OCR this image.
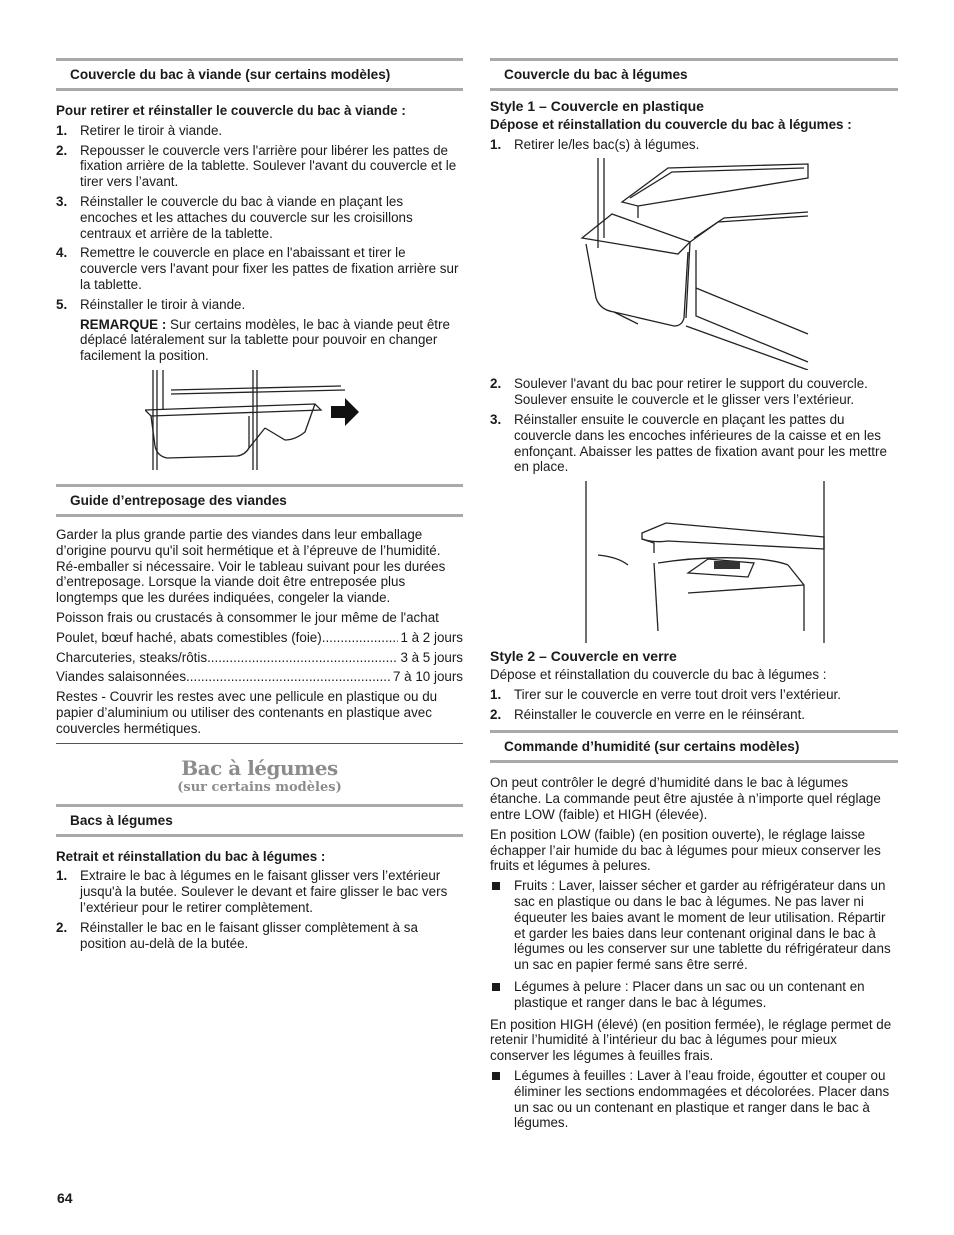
Couvercle du bac à viande (sur certains modèles)

Pour retirer et réinstaller le couvercle du bac à viande :

1. Retirer le tiroir à viande.
2. Repousser le couvercle vers l'arrière pour libérer les pattes de fixation arrière de la tablette. Soulever l'avant du couvercle et le tirer vers l’avant.
3. Réinstaller le couvercle du bac à viande en plaçant les encoches et les attaches du couvercle sur les croisillons centraux et arrière de la tablette.
4. Remettre le couvercle en place en l'abaissant et tirer le couvercle vers l'avant pour fixer les pattes de fixation arrière sur la tablette.
5. Réinstaller le tiroir à viande.
REMARQUE : Sur certains modèles, le bac à viande peut être déplacé latéralement sur la tablette pour pouvoir en changer facilement la position.
Guide d’entreposage des viandes

Garder la plus grande partie des viandes dans leur emballage d’origine pourvu qu'il soit hermétique et à l’épreuve de l’humidité. Ré-emballer si nécessaire. Voir le tableau suivant pour les durées d’entreposage. Lorsque la viande doit être entreposée plus longtemps que les durées indiquées, congeler la viande.

Poisson frais ou crustacés à consommer le jour même de l'achat

Poulet, bœuf haché, abats comestibles (foie) .....	1 à 2 jours
Charcuteries, steaks/rôtis .....	3 à 5 jours
Viandes salaisonnées .....	7 à 10 jours

Restes - Couvrir les restes avec une pellicule en plastique ou du papier d’aluminium ou utiliser des contenants en plastique avec couvercles hermétiques.

Bac à légumes
(sur certains modèles)
Bacs à légumes

Retrait et réinstallation du bac à légumes :

1. Extraire le bac à légumes en le faisant glisser vers l’extérieur jusqu'à la butée. Soulever le devant et faire glisser le bac vers l’extérieur pour le retirer complètement.
2. Réinstaller le bac en le faisant glisser complètement à sa position au-delà de la butée.
Couvercle du bac à légumes

Style 1 – Couvercle en plastique

Dépose et réinstallation du couvercle du bac à légumes :

1. Retirer le/les bac(s) à légumes.
2. Soulever l'avant du bac pour retirer le support du couvercle. Soulever ensuite le couvercle et le glisser vers l’extérieur.
3. Réinstaller ensuite le couvercle en plaçant les pattes du couvercle dans les encoches inférieures de la caisse et en les enfonçant. Abaisser les pattes de fixation avant pour les mettre en place.

Style 2 – Couvercle en verre

Dépose et réinstallation du couvercle du bac à légumes :

1. Tirer sur le couvercle en verre tout droit vers l’extérieur.
2. Réinstaller le couvercle en verre en le réinsérant.
Commande d’humidité (sur certains modèles)

On peut contrôler le degré d’humidité dans le bac à légumes étanche. La commande peut être ajustée à n’importe quel réglage entre LOW (faible) et HIGH (élevée).

En position LOW (faible) (en position ouverte), le réglage laisse échapper l’air humide du bac à légumes pour mieux conserver les fruits et légumes à pelures.

Fruits : Laver, laisser sécher et garder au réfrigérateur dans un sac en plastique ou dans le bac à légumes. Ne pas laver ni équeuter les baies avant le moment de leur utilisation. Répartir et garder les baies dans leur contenant original dans le bac à légumes ou les conserver sur une tablette du réfrigérateur dans un sac en papier fermé sans être serré.
Légumes à pelure : Placer dans un sac ou un contenant en plastique et ranger dans le bac à légumes.

En position HIGH (élevé) (en position fermée), le réglage permet de retenir l’humidité à l’intérieur du bac à légumes pour mieux conserver les légumes à feuilles frais.

Légumes à feuilles : Laver à l’eau froide, égoutter et couper ou éliminer les sections endommagées et décolorées. Placer dans un sac ou un contenant en plastique et ranger dans le bac à légumes.
64
